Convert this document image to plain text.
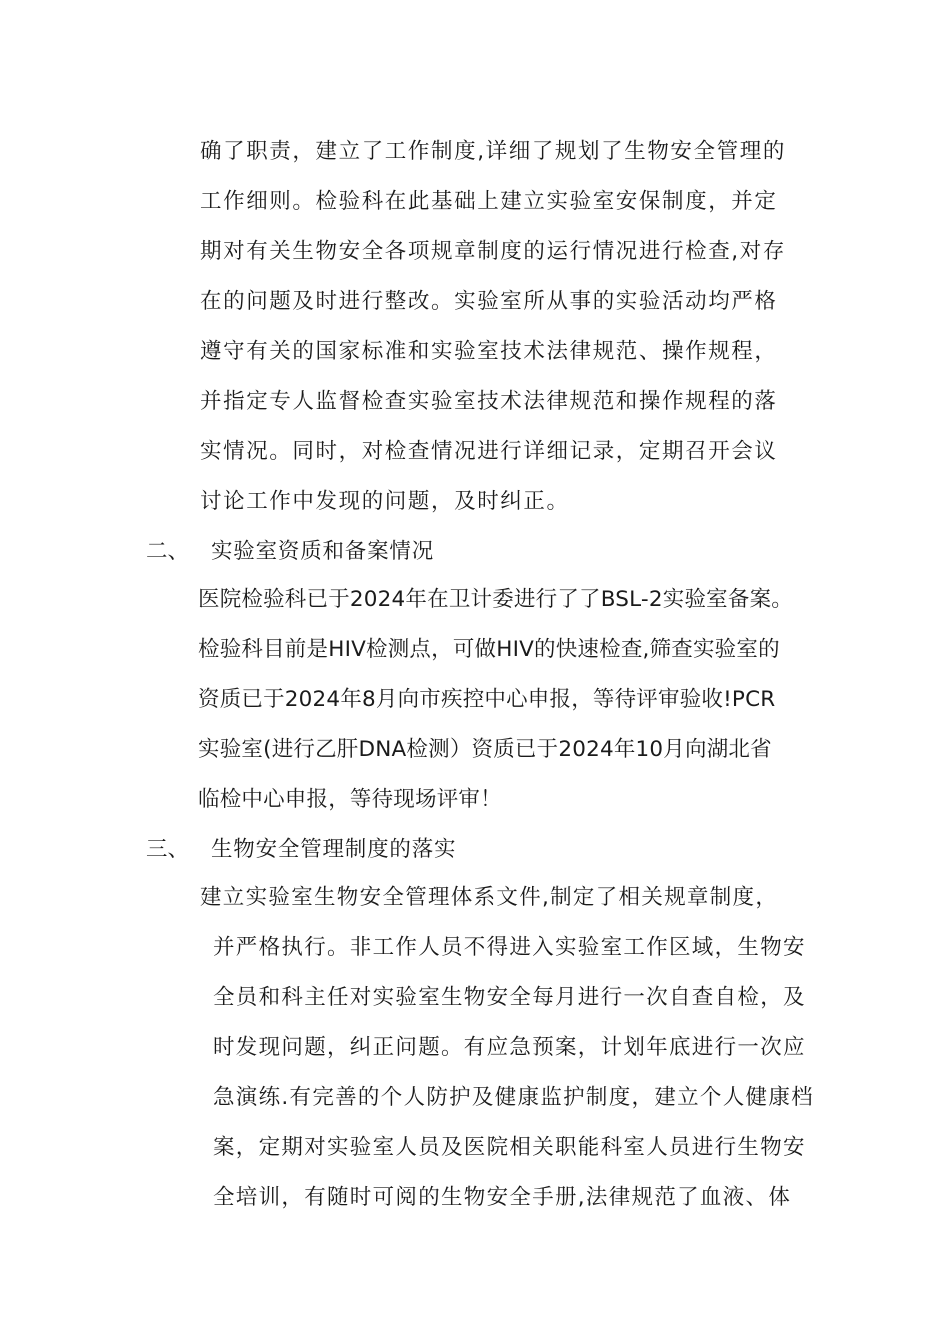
确了职责，建立了工作制度,详细了规划了生物安全管理的
工作细则。检验科在此基础上建立实验室安保制度，并定
期对有关生物安全各项规章制度的运行情况进行检查,对存
在的问题及时进行整改。实验室所从事的实验活动均严格
遵守有关的国家标准和实验室技术法律规范、操作规程，
并指定专人监督检查实验室技术法律规范和操作规程的落
实情况。同时，对检查情况进行详细记录，定期召开会议
讨论工作中发现的问题，及时纠正。
二、 实验室资质和备案情况
医院检验科已于2024年在卫计委进行了了BSL-2实验室备案。
检验科目前是HIV检测点，可做HIV的快速检查,筛查实验室的
资质已于2024年8月向市疾控中心申报，等待评审验收!PCR
实验室(进行乙肝DNA检测）资质已于2024年10月向湖北省
临检中心申报，等待现场评审！
三、 生物安全管理制度的落实
建立实验室生物安全管理体系文件,制定了相关规章制度，
并严格执行。非工作人员不得进入实验室工作区域，生物安
全员和科主任对实验室生物安全每月进行一次自查自检，及
时发现问题，纠正问题。有应急预案，计划年底进行一次应
急演练.有完善的个人防护及健康监护制度，建立个人健康档
案，定期对实验室人员及医院相关职能科室人员进行生物安
全培训，有随时可阅的生物安全手册,法律规范了血液、体
